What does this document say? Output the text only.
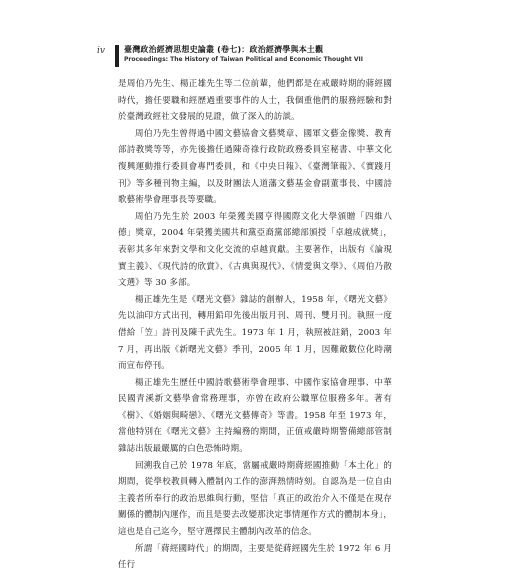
iv 臺灣政治經濟思想史論叢 (卷七)：政治經濟學與本土觀
Proceedings: The History of Taiwan Political and Economic Thought VII

是周伯乃先生、楊正雄先生等二位前輩，他們都是在戒嚴時期的蔣經國時代，擔任要職和經歷過重要事件的人士，我個重他們的服務經驗和對於臺灣政經社文發展的見證，做了深入的訪談。

周伯乃先生曾得過中國文藝協會文藝獎章、國軍文藝金像獎、教育部詩教獎等等，亦先後擔任過陳奇祿行政院政務委員室秘書、中華文化復興運動推行委員會專門委員，和《中央日報》、《臺灣筆報》、《實踐月刊》等多種刊物主編，以及財團法人道藩文藝基金會副董事長、中國詩歌藝術學會理事長等要職。

周伯乃先生於 2003 年榮獲美國亨得國際文化大學頒贈「四維八德」獎章，2004 年榮獲美國共和黨亞裔黨部總部頒授「卓越成就獎」，表彰其多年來對文學和文化交流的卓越貢獻。主要著作，出版有《論現實主義》、《現代詩的欣賞》、《古典與現代》、《情愛與文學》、《周伯乃散文選》等 30 多部。

楊正雄先生是《曙光文藝》雜誌的創辦人，1958 年，《曙光文藝》先以油印方式出刊，轉用鉛印先後出版月刊、周刊、雙月刊。執照一度借給「笠」詩刊及陳千武先生。1973 年 1 月，執照被註銷，2003 年 7 月，再出版《新曙光文藝》季刊，2005 年 1 月，因難敵數位化時潮而宣布停刊。

楊正雄先生歷任中國詩歌藝術學會理事、中國作家協會理事、中華民國青溪新文藝學會常務理事，亦曾在政府公職單位服務多年。著有《樹》、《婚姻與畸戀》、《曙光文藝傳奇》等書。1958 年至 1973 年，當他特別在《曙光文藝》主持編務的期間，正值戒嚴時期警備總部管制雜誌出版最嚴厲的白色恐怖時期。

回溯我自己於 1978 年底，當屬戒嚴時期蔣經國推動「本土化」的期間，從學校教員轉入體制內工作的澎湃熱情時刻。自認為是一位自由主義者所奉行的政治思維與行動，堅信「真正的政治介入不僅是在現存關係的體制內運作，而且是要去改變那決定事情運作方式的體制本身」，這也是自己迄今，堅守選擇民主體制內改革的信念。

所謂「蔣經國時代」的期間，主要是從蔣經國先生於 1972 年 6 月任行
